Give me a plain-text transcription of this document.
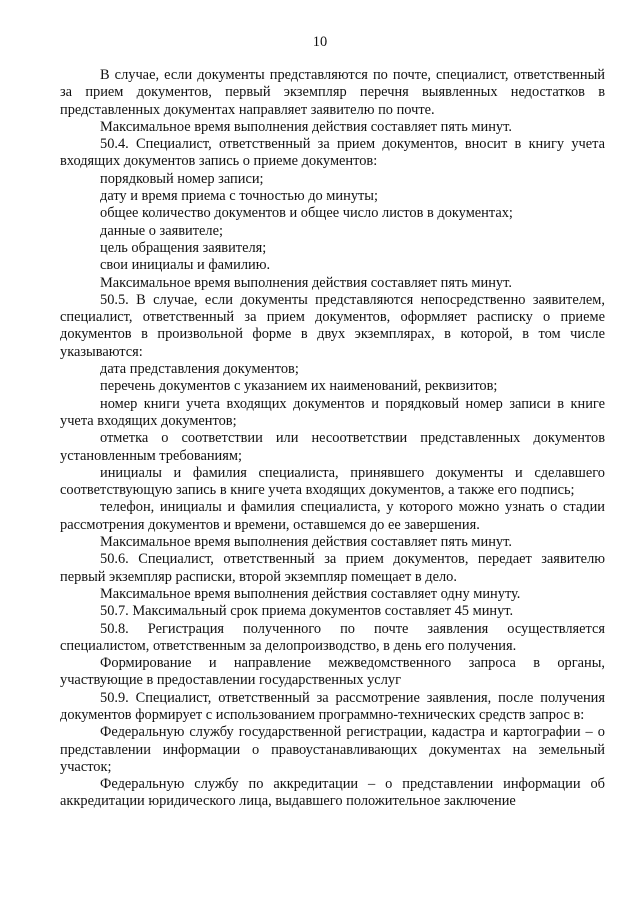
10

В случае, если документы представляются по почте, специалист, ответственный за прием документов, первый экземпляр перечня выявленных недостатков в представленных документах направляет заявителю по почте.

Максимальное время выполнения действия составляет пять минут.

50.4. Специалист, ответственный за прием документов, вносит в книгу учета входящих документов запись о приеме документов:

порядковый номер записи;

дату и время приема с точностью до минуты;

общее количество документов и общее число листов в документах;

данные о заявителе;

цель обращения заявителя;

свои инициалы и фамилию.

Максимальное время выполнения действия составляет пять минут.

50.5. В случае, если документы представляются непосредственно заявителем, специалист, ответственный за прием документов, оформляет расписку о приеме документов в произвольной форме в двух экземплярах, в которой, в том числе указываются:

дата представления документов;

перечень документов с указанием их наименований, реквизитов;

номер книги учета входящих документов и порядковый номер записи в книге учета входящих документов;

отметка о соответствии или несоответствии представленных документов установленным требованиям;

инициалы и фамилия специалиста, принявшего документы и сделавшего соответствующую запись в книге учета входящих документов, а также его подпись;

телефон, инициалы и фамилия специалиста, у которого можно узнать о стадии рассмотрения документов и времени, оставшемся до ее завершения.

Максимальное время выполнения действия составляет пять минут.

50.6. Специалист, ответственный за прием документов, передает заявителю первый экземпляр расписки, второй экземпляр помещает в дело.

Максимальное время выполнения действия составляет одну минуту.

50.7. Максимальный срок приема документов составляет 45 минут.

50.8. Регистрация полученного по почте заявления осуществляется специалистом, ответственным за делопроизводство, в день его получения.

Формирование и направление межведомственного запроса в органы, участвующие в предоставлении государственных услуг

50.9. Специалист, ответственный за рассмотрение заявления, после получения документов формирует с использованием программно-технических средств запрос в:

Федеральную службу государственной регистрации, кадастра и картографии – о представлении информации о правоустанавливающих документах на земельный участок;

Федеральную службу по аккредитации – о представлении информации об аккредитации юридического лица, выдавшего положительное заключение
